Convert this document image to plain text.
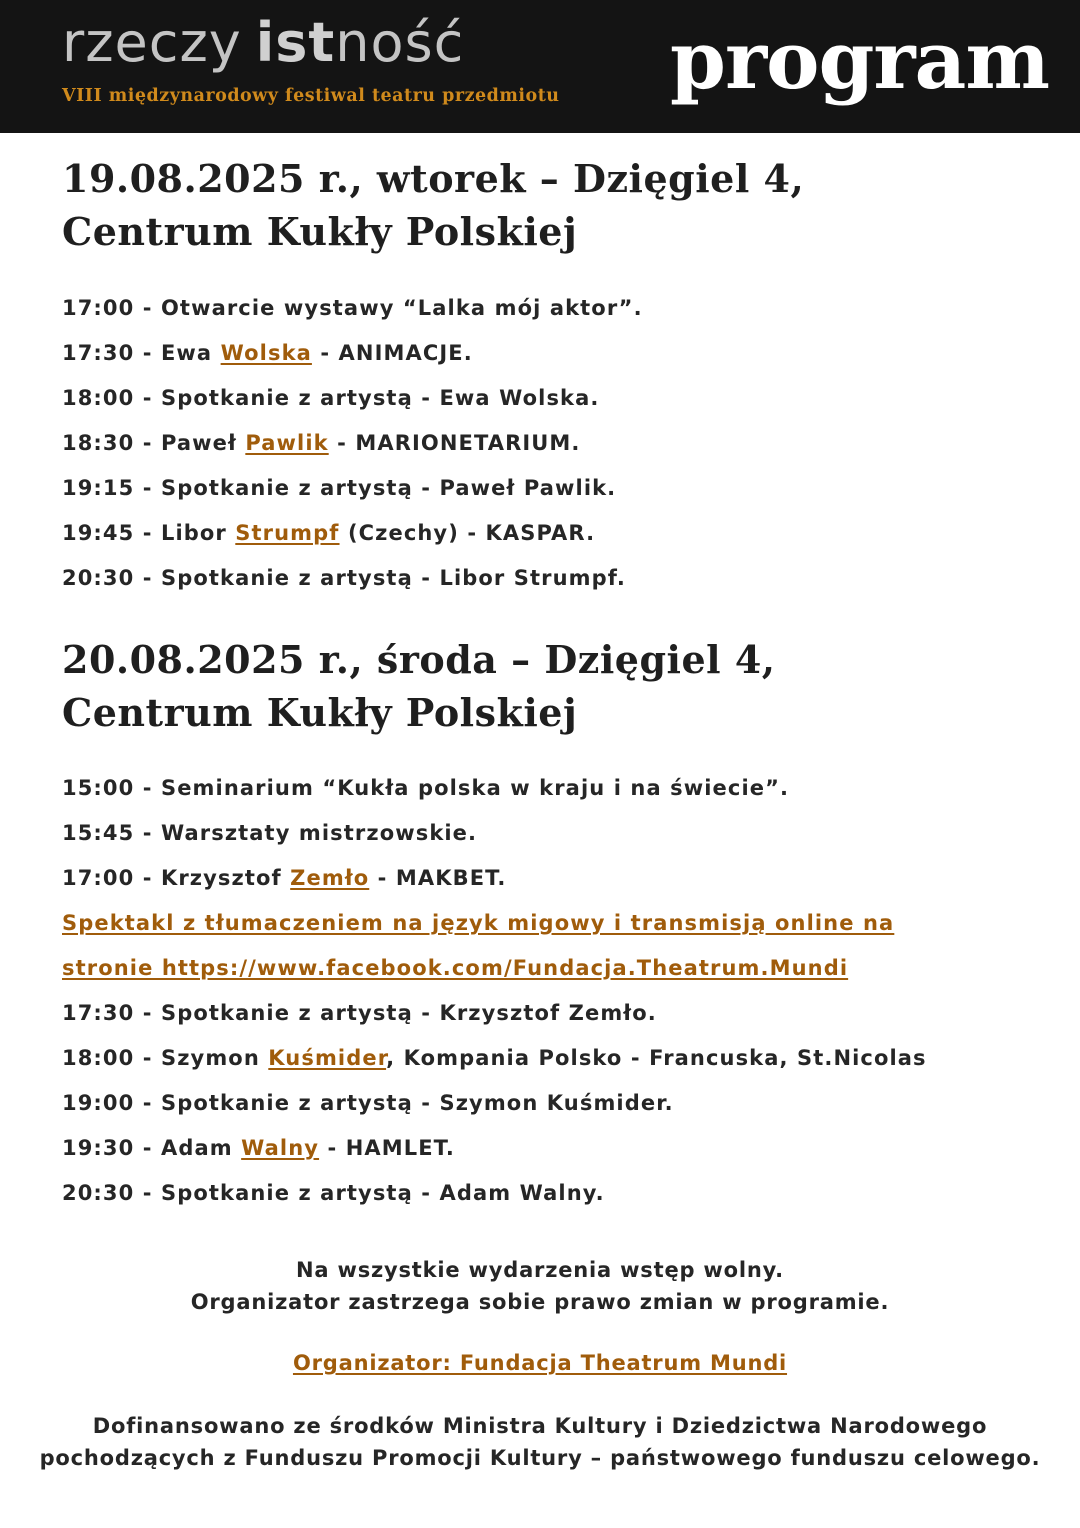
rzeczy istność
VIII międzynarodowy festiwal teatru przedmiotu program
19.08.2025 r., wtorek – Dzięgiel 4,
Centrum Kukły Polskiej
17:00 - Otwarcie wystawy “Lalka mój aktor”.
17:30 - Ewa Wolska - ANIMACJE.
18:00 - Spotkanie z artystą - Ewa Wolska.
18:30 - Paweł Pawlik - MARIONETARIUM.
19:15 - Spotkanie z artystą - Paweł Pawlik.
19:45 - Libor Strumpf (Czechy) - KASPAR.
20:30 - Spotkanie z artystą - Libor Strumpf.
20.08.2025 r., środa – Dzięgiel 4,
Centrum Kukły Polskiej
15:00 - Seminarium “Kukła polska w kraju i na świecie”.
15:45 - Warsztaty mistrzowskie.
17:00 - Krzysztof Zemło - MAKBET.
Spektakl z tłumaczeniem na język migowy i transmisją online na
stronie https://www.facebook.com/Fundacja.Theatrum.Mundi
17:30 - Spotkanie z artystą - Krzysztof Zemło.
18:00 - Szymon Kuśmider, Kompania Polsko - Francuska, St.Nicolas
19:00 - Spotkanie z artystą - Szymon Kuśmider.
19:30 - Adam Walny - HAMLET.
20:30 - Spotkanie z artystą - Adam Walny.
Na wszystkie wydarzenia wstęp wolny.
Organizator zastrzega sobie prawo zmian w programie.
Organizator: Fundacja Theatrum Mundi
Dofinansowano ze środków Ministra Kultury i Dziedzictwa Narodowego
pochodzących z Funduszu Promocji Kultury – państwowego funduszu celowego.
